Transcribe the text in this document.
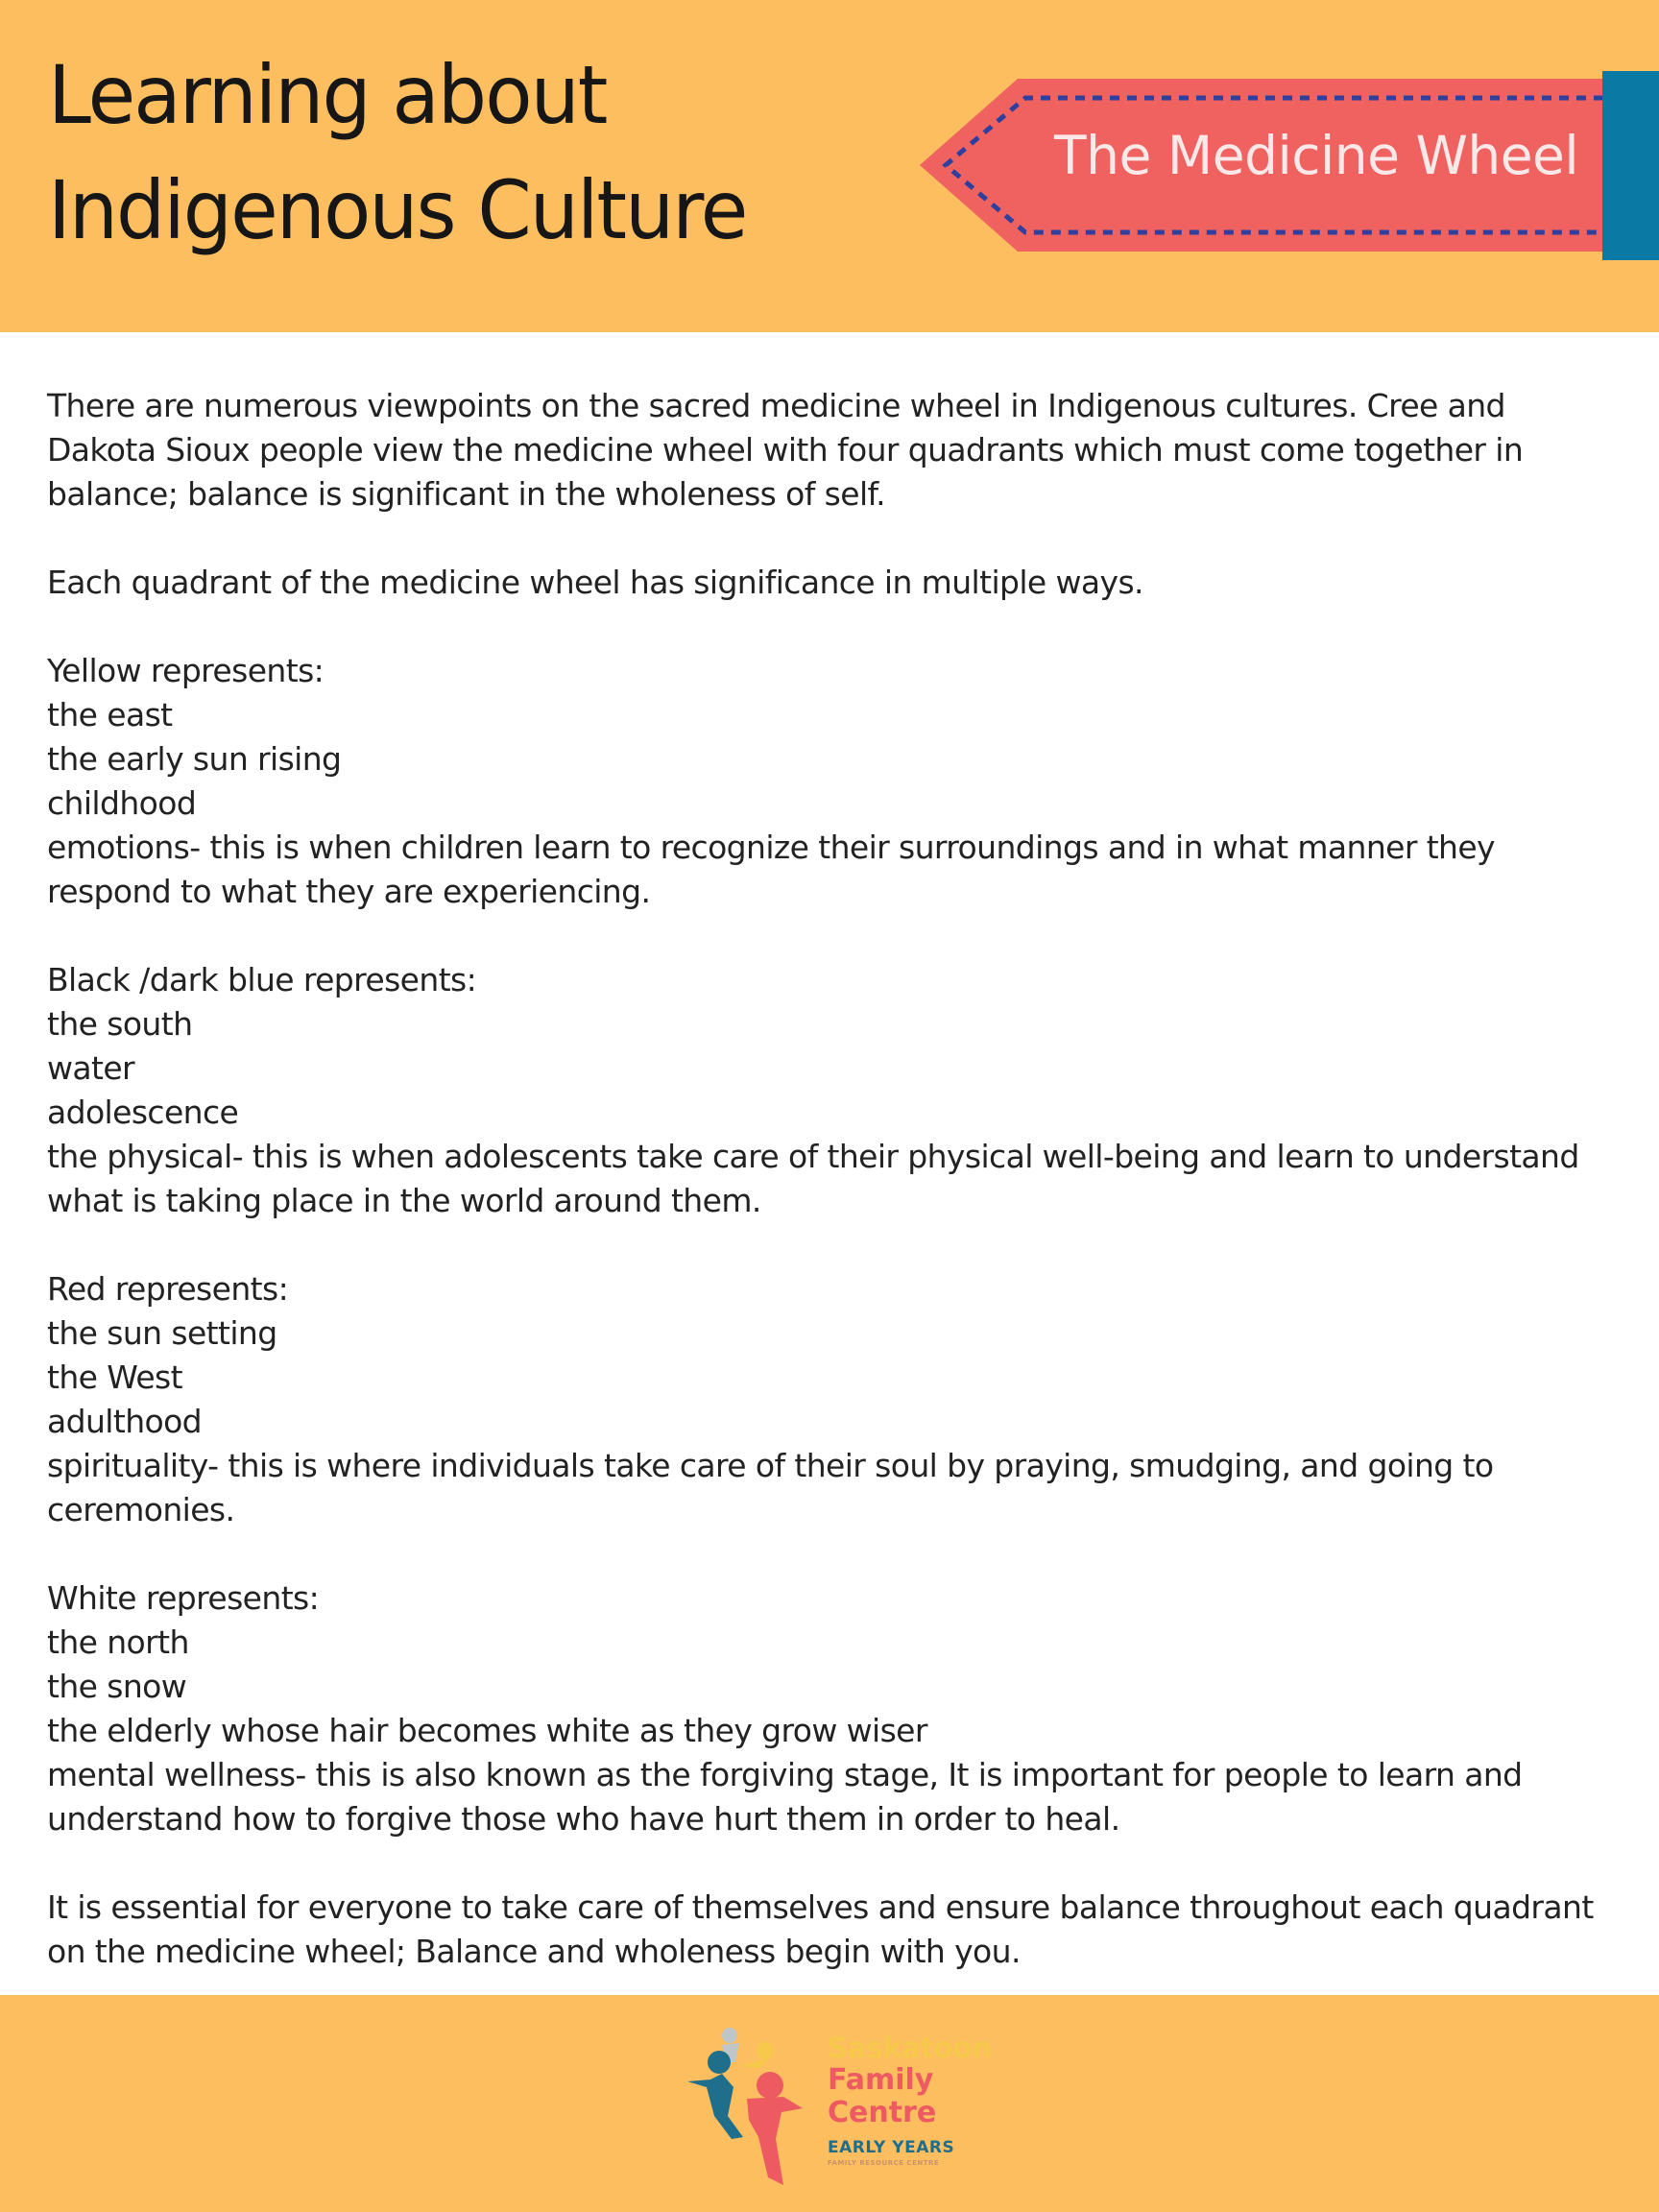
Learning about
Indigenous Culture
The Medicine Wheel

There are numerous viewpoints on the sacred medicine wheel in Indigenous cultures. Cree and Dakota Sioux people view the medicine wheel with four quadrants which must come together in balance; balance is significant in the wholeness of self.

Each quadrant of the medicine wheel has significance in multiple ways.

Yellow represents:

the east

the early sun rising

childhood

emotions- this is when children learn to recognize their surroundings and in what manner they respond to what they are experiencing.

Black /dark blue represents:

the south

water

adolescence

the physical- this is when adolescents take care of their physical well-being and learn to understand what is taking place in the world around them.

Red represents:

the sun setting

the West

adulthood

spirituality- this is where individuals take care of their soul by praying, smudging, and going to ceremonies.

White represents:

the north

the snow

the elderly whose hair becomes white as they grow wiser

mental wellness- this is also known as the forgiving stage, It is important for people to learn and understand how to forgive those who have hurt them in order to heal.

It is essential for everyone to take care of themselves and ensure balance throughout each quadrant on the medicine wheel; Balance and wholeness begin with you.

Saskatoon
Family
Centre
EARLY YEARS
FAMILY RESOURCE CENTRE
